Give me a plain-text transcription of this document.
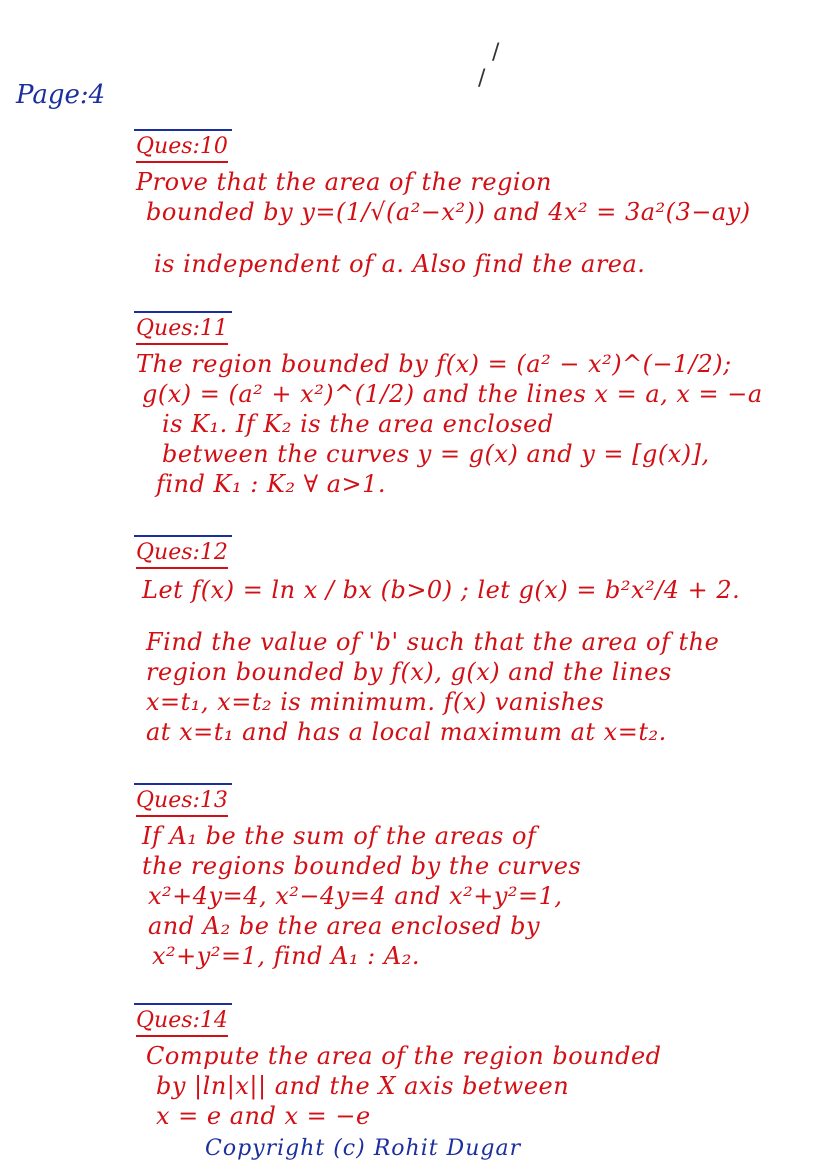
Page:4
/
/
Ques:10
Prove that the area of the region
bounded by y=(1/√(a²−x²)) and 4x² = 3a²(3−ay)
is independent of a. Also find the area.
Ques:11
The region bounded by f(x) = (a² − x²)^(−1/2);
g(x) = (a² + x²)^(1/2) and the lines x = a, x = −a
is K₁. If K₂ is the area enclosed
between the curves y = g(x) and y = [g(x)],
find K₁ : K₂ ∀ a>1.
Ques:12
Let f(x) = ln x / bx (b>0) ; let g(x) = b²x²/4 + 2.
Find the value of 'b' such that the area of the
region bounded by f(x), g(x) and the lines
x=t₁, x=t₂ is minimum. f(x) vanishes
at x=t₁ and has a local maximum at x=t₂.
Ques:13
If A₁ be the sum of the areas of
the regions bounded by the curves
x²+4y=4, x²−4y=4 and x²+y²=1,
and A₂ be the area enclosed by
x²+y²=1, find A₁ : A₂.
Ques:14
Compute the area of the region bounded
by |ln|x|| and the X axis between
x = e and x = −e
Copyright (c) Rohit Dugar
